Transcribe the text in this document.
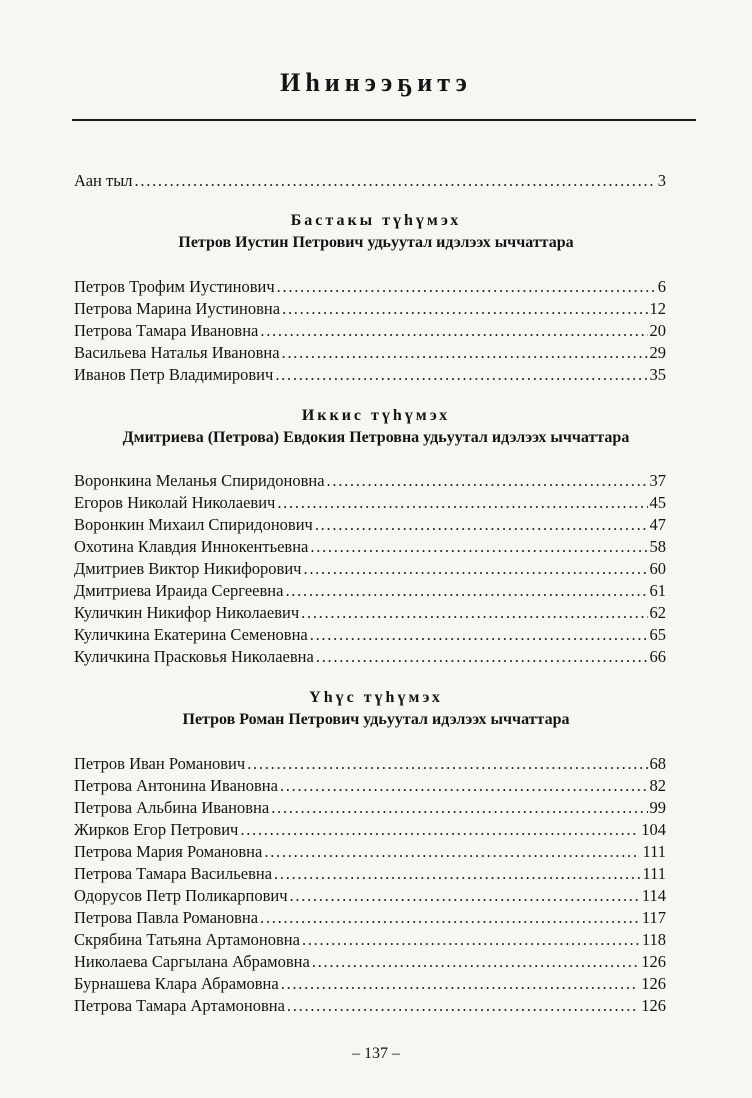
Иһинээҕитэ
Аан тыл . . .	3
Бастакы түһүмэх
Петров Иустин Петрович удьуутал идэлээх ыччаттара
Петров Трофим Иустинович . . .	6
Петрова Марина Иустиновна . . .	12
Петрова Тамара Ивановна . . .	20
Васильева Наталья Ивановна . . .	29
Иванов Петр Владимирович . . .	35
Иккис түһүмэх
Дмитриева (Петрова) Евдокия Петровна удьуутал идэлээх ыччаттара
Воронкина Меланья Спиридоновна . . .	37
Егоров Николай Николаевич . . .	45
Воронкин Михаил Спиридонович . . .	47
Охотина Клавдия Иннокентьевна . . .	58
Дмитриев Виктор Никифорович . . .	60
Дмитриева Ираида Сергеевна . . .	61
Куличкин Никифор Николаевич . . .	62
Куличкина Екатерина Семеновна . . .	65
Куличкина Прасковья Николаевна . . .	66
Үһүс түһүмэх
Петров Роман Петрович удьуутал идэлээх ыччаттара
Петров Иван Романович . . .	68
Петрова Антонина Ивановна . . .	82
Петрова Альбина Ивановна . . .	99
Жирков Егор Петрович . . .	104
Петрова Мария Романовна . . .	111
Петрова Тамара Васильевна . . .	111
Одорусов Петр Поликарпович . . .	114
Петрова Павла Романовна . . .	117
Скрябина Татьяна Артамоновна . . .	118
Николаева Саргылана Абрамовна . . .	126
Бурнашева Клара Абрамовна . . .	126
Петрова Тамара Артамоновна . . .	126
– 137 –
